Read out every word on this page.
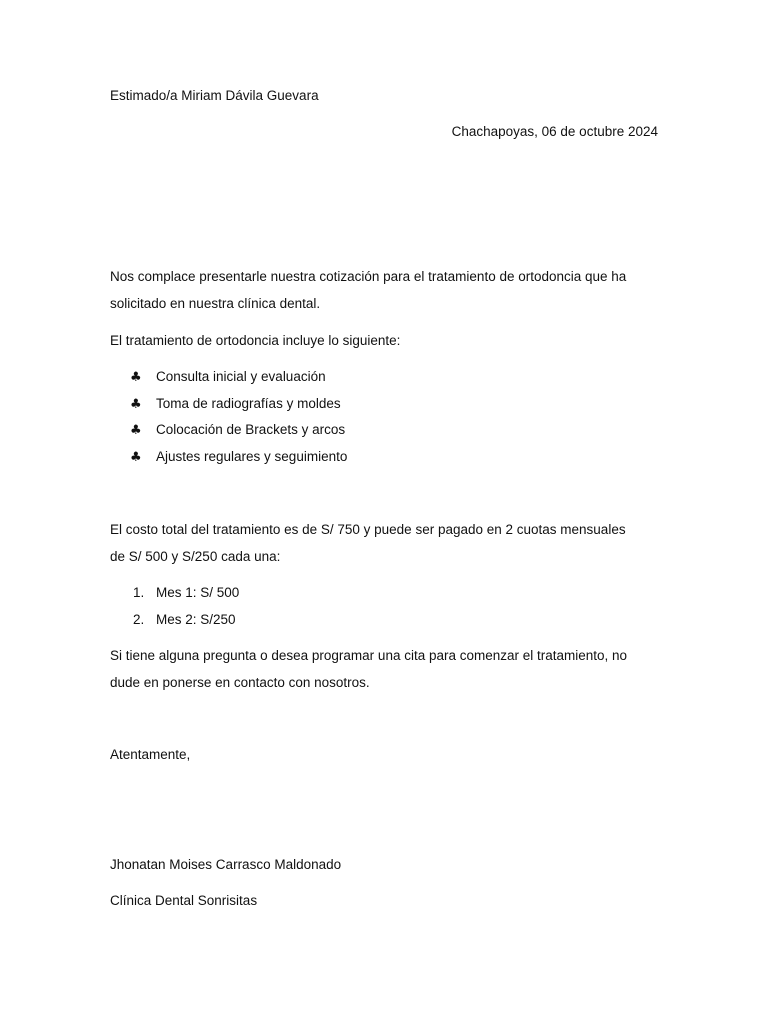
Estimado/a Miriam Dávila Guevara
Chachapoyas, 06 de octubre 2024
Nos complace presentarle nuestra cotización para el tratamiento de ortodoncia que ha
solicitado en nuestra clínica dental.
El tratamiento de ortodoncia incluye lo siguiente:
♣ Consulta inicial y evaluación
♣ Toma de radiografías y moldes
♣ Colocación de Brackets y arcos
♣ Ajustes regulares y seguimiento
El costo total del tratamiento es de S/ 750 y puede ser pagado en 2 cuotas mensuales
de S/ 500 y S/250 cada una:
1. Mes 1: S/ 500
2. Mes 2: S/250
Si tiene alguna pregunta o desea programar una cita para comenzar el tratamiento, no
dude en ponerse en contacto con nosotros.
Atentamente,
Jhonatan Moises Carrasco Maldonado
Clínica Dental Sonrisitas
